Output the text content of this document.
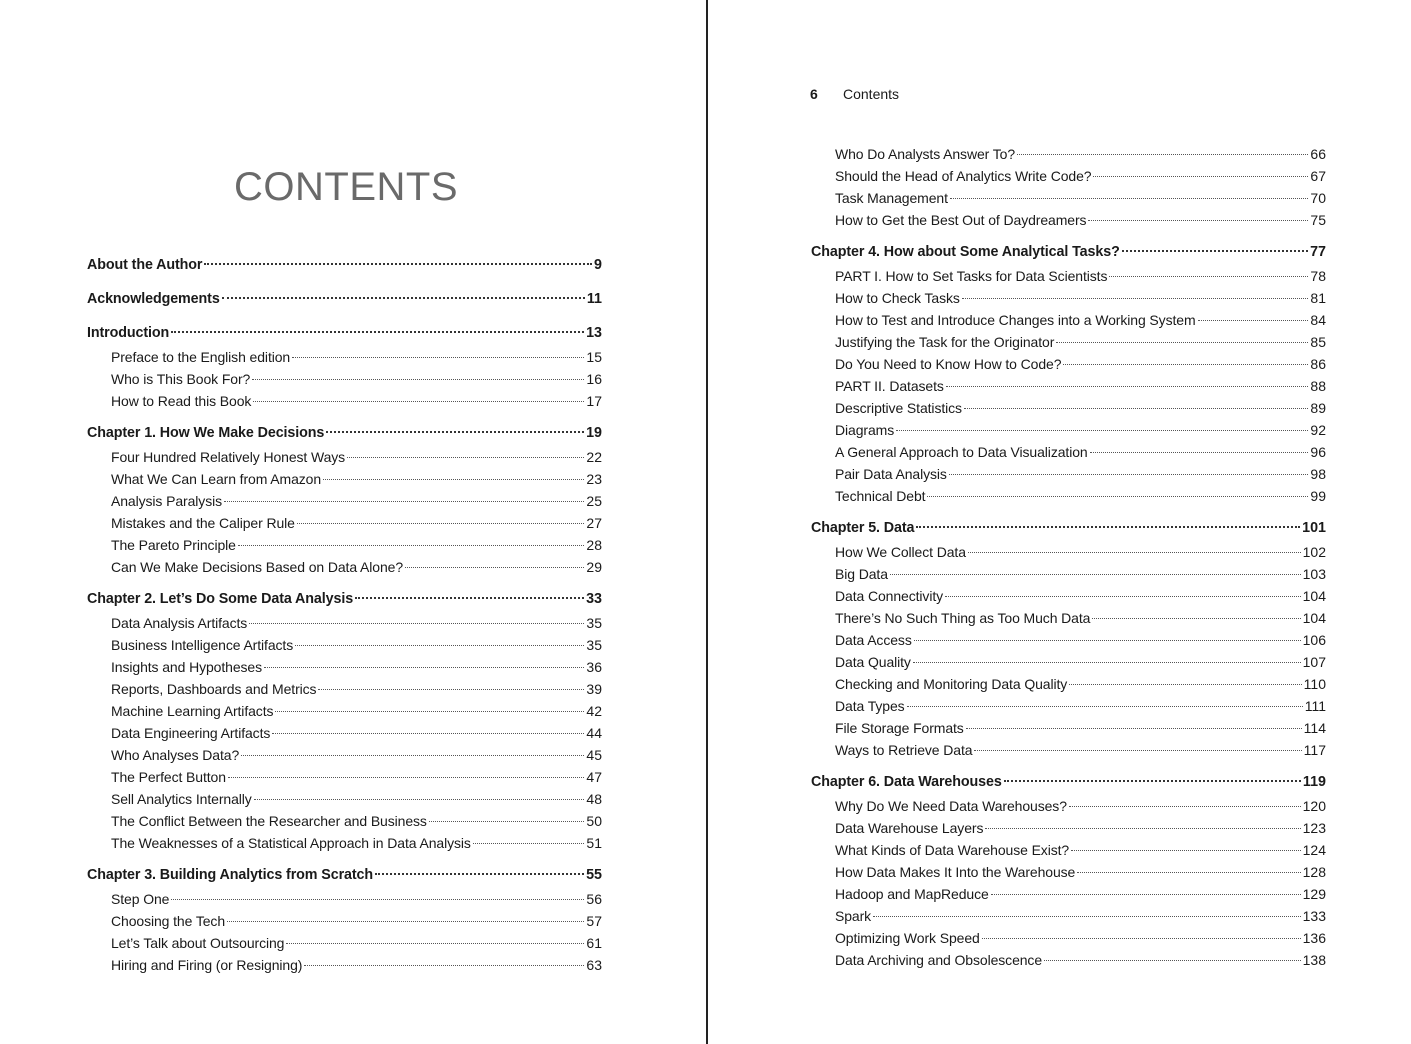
CONTENTS
About the Author	9
Acknowledgements	11
Introduction	13
Preface to the English edition	15
Who is This Book For?	16
How to Read this Book	17
Chapter 1. How We Make Decisions	19
Four Hundred Relatively Honest Ways	22
What We Can Learn from Amazon	23
Analysis Paralysis	25
Mistakes and the Caliper Rule	27
The Pareto Principle	28
Can We Make Decisions Based on Data Alone?	29
Chapter 2. Let’s Do Some Data Analysis	33
Data Analysis Artifacts	35
Business Intelligence Artifacts	35
Insights and Hypotheses	36
Reports, Dashboards and Metrics	39
Machine Learning Artifacts	42
Data Engineering Artifacts	44
Who Analyses Data?	45
The Perfect Button	47
Sell Analytics Internally	48
The Conflict Between the Researcher and Business	50
The Weaknesses of a Statistical Approach in Data Analysis	51
Chapter 3. Building Analytics from Scratch	55
Step One	56
Choosing the Tech	57
Let’s Talk about Outsourcing	61
Hiring and Firing (or Resigning)	63
6 Contents
Who Do Analysts Answer To?	66
Should the Head of Analytics Write Code?	67
Task Management	70
How to Get the Best Out of Daydreamers	75
Chapter 4. How about Some Analytical Tasks?	77
PART I. How to Set Tasks for Data Scientists	78
How to Check Tasks	81
How to Test and Introduce Changes into a Working System	84
Justifying the Task for the Originator	85
Do You Need to Know How to Code?	86
PART II. Datasets	88
Descriptive Statistics	89
Diagrams	92
A General Approach to Data Visualization	96
Pair Data Analysis	98
Technical Debt	99
Chapter 5. Data	101
How We Collect Data	102
Big Data	103
Data Connectivity	104
There’s No Such Thing as Too Much Data	104
Data Access	106
Data Quality	107
Checking and Monitoring Data Quality	110
Data Types	111
File Storage Formats	114
Ways to Retrieve Data	117
Chapter 6. Data Warehouses	119
Why Do We Need Data Warehouses?	120
Data Warehouse Layers	123
What Kinds of Data Warehouse Exist?	124
How Data Makes It Into the Warehouse	128
Hadoop and MapReduce	129
Spark	133
Optimizing Work Speed	136
Data Archiving and Obsolescence	138
